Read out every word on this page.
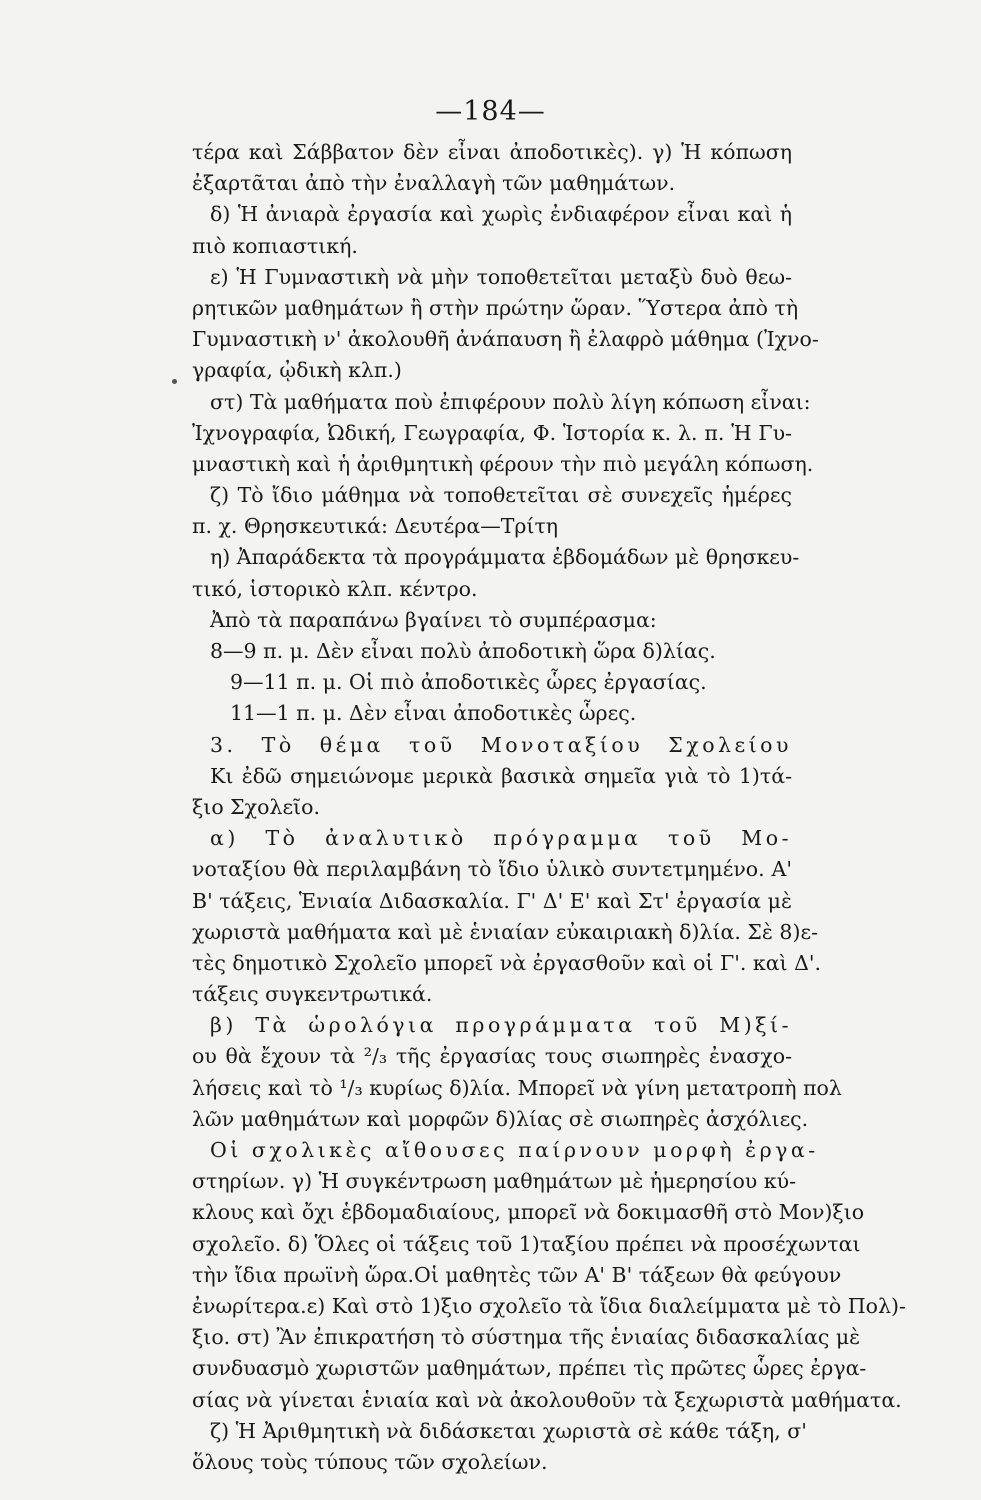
—184—
τέρα καὶ Σάββατον δὲν εἶναι ἀποδοτικὲς). γ) Ἡ κόπωση
ἐξαρτᾶται ἀπὸ τὴν ἐναλλαγὴ τῶν μαθημάτων.
δ) Ἡ ἀνιαρὰ ἐργασία καὶ χωρὶς ἐνδιαφέρον εἶναι καὶ ἡ
πιὸ κοπιαστική.
ε) Ἡ Γυμναστικὴ νὰ μὴν τοποθετεῖται μεταξὺ δυὸ θεω-
ρητικῶν μαθημάτων ἢ στὴν πρώτην ὥραν. Ὕστερα ἀπὸ τὴ
Γυμναστικὴ ν' ἀκολουθῆ ἀνάπαυση ἢ ἐλαφρὸ μάθημα (Ἰχνο-
γραφία, ᾠδικὴ κλπ.)
στ) Τὰ μαθήματα ποὺ ἐπιφέρουν πολὺ λίγη κόπωση εἶναι:
Ἰχνογραφία, Ὠδική, Γεωγραφία, Φ. Ἱστορία κ. λ. π. Ἡ Γυ-
μναστικὴ καὶ ἡ ἀριθμητικὴ φέρουν τὴν πιὸ μεγάλη κόπωση.
ζ) Τὸ ἴδιο μάθημα νὰ τοποθετεῖται σὲ συνεχεῖς ἡμέρες
π. χ. Θρησκευτικά: Δευτέρα—Τρίτη
η) Ἀπαράδεκτα τὰ προγράμματα ἑβδομάδων μὲ θρησκευ-
τικό, ἱστορικὸ κλπ. κέντρο.
Ἀπὸ τὰ παραπάνω βγαίνει τὸ συμπέρασμα:
8—9 π. μ. Δὲν εἶναι πολὺ ἀποδοτικὴ ὥρα δ)λίας.
9—11 π. μ. Οἱ πιὸ ἀποδοτικὲς ὧρες ἐργασίας.
11—1 π. μ. Δὲν εἶναι ἀποδοτικὲς ὧρες.
3. Τὸ θέμα τοῦ Μονοταξίου Σχολείου
Κι ἐδῶ σημειώνομε μερικὰ βασικὰ σημεῖα γιὰ τὸ 1)τά-
ξιο Σχολεῖο.
α) Τὸ ἀναλυτικὸ πρόγραμμα τοῦ Μο-
νοταξίου θὰ περιλαμβάνη τὸ ἴδιο ὑλικὸ συντετμημένο. Α'
Β' τάξεις, Ἑνιαία Διδασκαλία. Γ' Δ' Ε' καὶ Στ' ἐργασία μὲ
χωριστὰ μαθήματα καὶ μὲ ἑνιαίαν εὐκαιριακὴ δ)λία. Σὲ 8)ε-
τὲς δημοτικὸ Σχολεῖο μπορεῖ νὰ ἐργασθοῦν καὶ οἱ Γ'. καὶ Δ'.
τάξεις συγκεντρωτικά.
β) Τὰ ὡρολόγια προγράμματα τοῦ Μ)ξί-
ου θὰ ἔχουν τὰ ²/₃ τῆς ἐργασίας τους σιωπηρὲς ἐνασχο-
λήσεις καὶ τὸ ¹/₃ κυρίως δ)λία. Μπορεῖ νὰ γίνη μετατροπὴ πολ
λῶν μαθημάτων καὶ μορφῶν δ)λίας σὲ σιωπηρὲς ἀσχόλιες.
Οἱ σχολικὲς αἴθουσες παίρνουν μορφὴ ἐργα-
στηρίων. γ) Ἡ συγκέντρωση μαθημάτων μὲ ἡμερησίου κύ-
κλους καὶ ὄχι ἑβδομαδιαίους, μπορεῖ νὰ δοκιμασθῆ στὸ Μον)ξιο
σχολεῖο. δ) Ὅλες οἱ τάξεις τοῦ 1)ταξίου πρέπει νὰ προσέχωνται
τὴν ἴδια πρωϊνὴ ὥρα.Οἱ μαθητὲς τῶν Α' Β' τάξεων θὰ φεύγουν
ἐνωρίτερα.ε) Καὶ στὸ 1)ξιο σχολεῖο τὰ ἴδια διαλείμματα μὲ τὸ Πολ)-
ξιο. στ) Ἂν ἐπικρατήση τὸ σύστημα τῆς ἑνιαίας διδασκαλίας μὲ
συνδυασμὸ χωριστῶν μαθημάτων, πρέπει τὶς πρῶτες ὧρες ἐργα-
σίας νὰ γίνεται ἑνιαία καὶ νὰ ἀκολουθοῦν τὰ ξεχωριστὰ μαθήματα.
ζ) Ἡ Ἀριθμητικὴ νὰ διδάσκεται χωριστὰ σὲ κάθε τάξη, σ'
ὅλους τοὺς τύπους τῶν σχολείων.
